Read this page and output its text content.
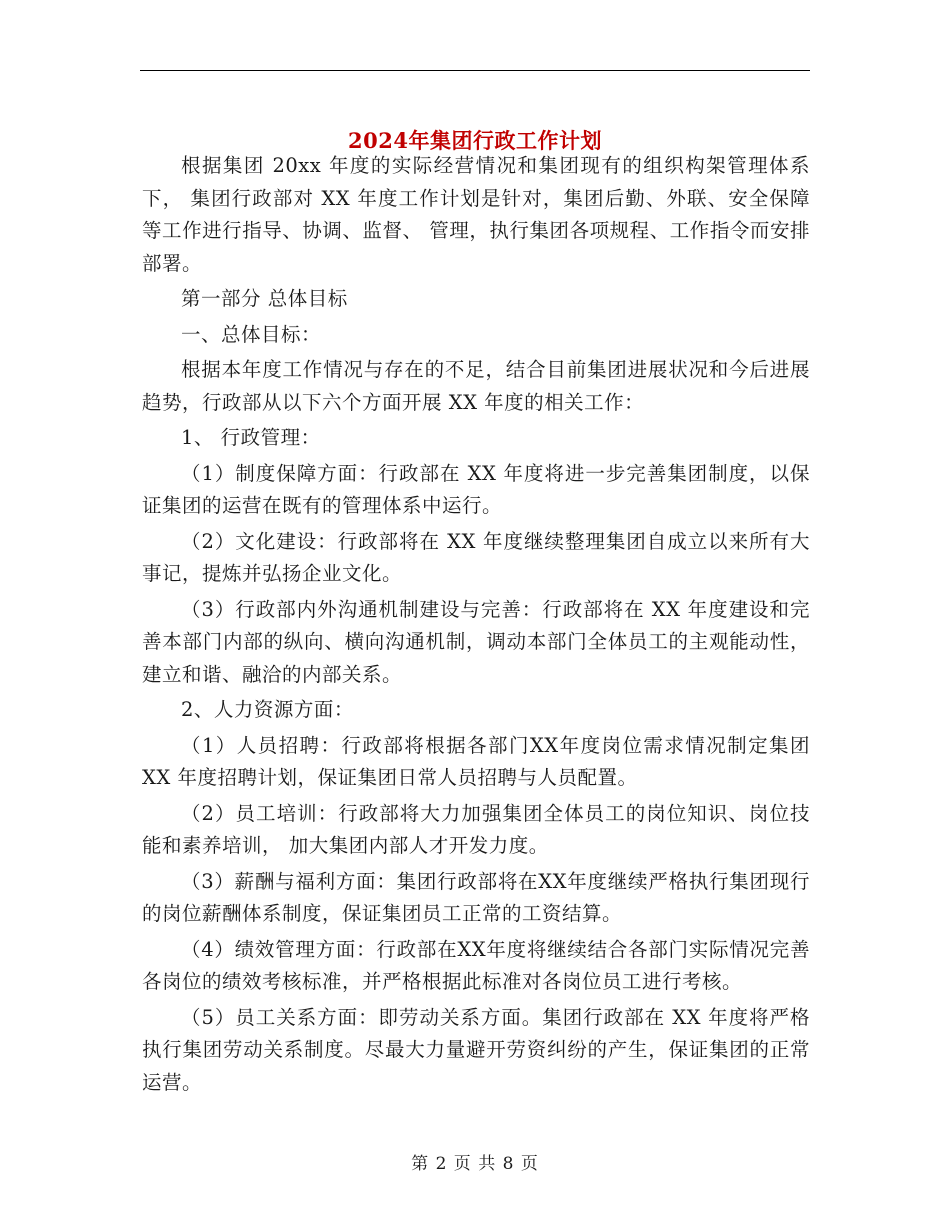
2024年集团行政工作计划

根据集团 20xx 年度的实际经营情况和集团现有的组织构架管理体系下， 集团行政部对 XX 年度工作计划是针对，集团后勤、外联、安全保障等工作进行指导、协调、监督、 管理，执行集团各项规程、工作指令而安排部署。

第一部分 总体目标

一、总体目标：

根据本年度工作情况与存在的不足，结合目前集团进展状况和今后进展趋势，行政部从以下六个方面开展 XX 年度的相关工作：

1、 行政管理：

（1）制度保障方面：行政部在 XX 年度将进一步完善集团制度，以保证集团的运营在既有的管理体系中运行。

（2）文化建设：行政部将在 XX 年度继续整理集团自成立以来所有大事记，提炼并弘扬企业文化。

（3）行政部内外沟通机制建设与完善：行政部将在 XX 年度建设和完善本部门内部的纵向、横向沟通机制，调动本部门全体员工的主观能动性，建立和谐、融洽的内部关系。

2、人力资源方面：

（1）人员招聘：行政部将根据各部门XX年度岗位需求情况制定集团 XX 年度招聘计划，保证集团日常人员招聘与人员配置。

（2）员工培训：行政部将大力加强集团全体员工的岗位知识、岗位技能和素养培训， 加大集团内部人才开发力度。

（3）薪酬与福利方面：集团行政部将在XX年度继续严格执行集团现行的岗位薪酬体系制度，保证集团员工正常的工资结算。

（4）绩效管理方面：行政部在XX年度将继续结合各部门实际情况完善各岗位的绩效考核标准，并严格根据此标准对各岗位员工进行考核。

（5）员工关系方面：即劳动关系方面。集团行政部在 XX 年度将严格执行集团劳动关系制度。尽最大力量避开劳资纠纷的产生，保证集团的正常运营。

第 2 页 共 8 页
